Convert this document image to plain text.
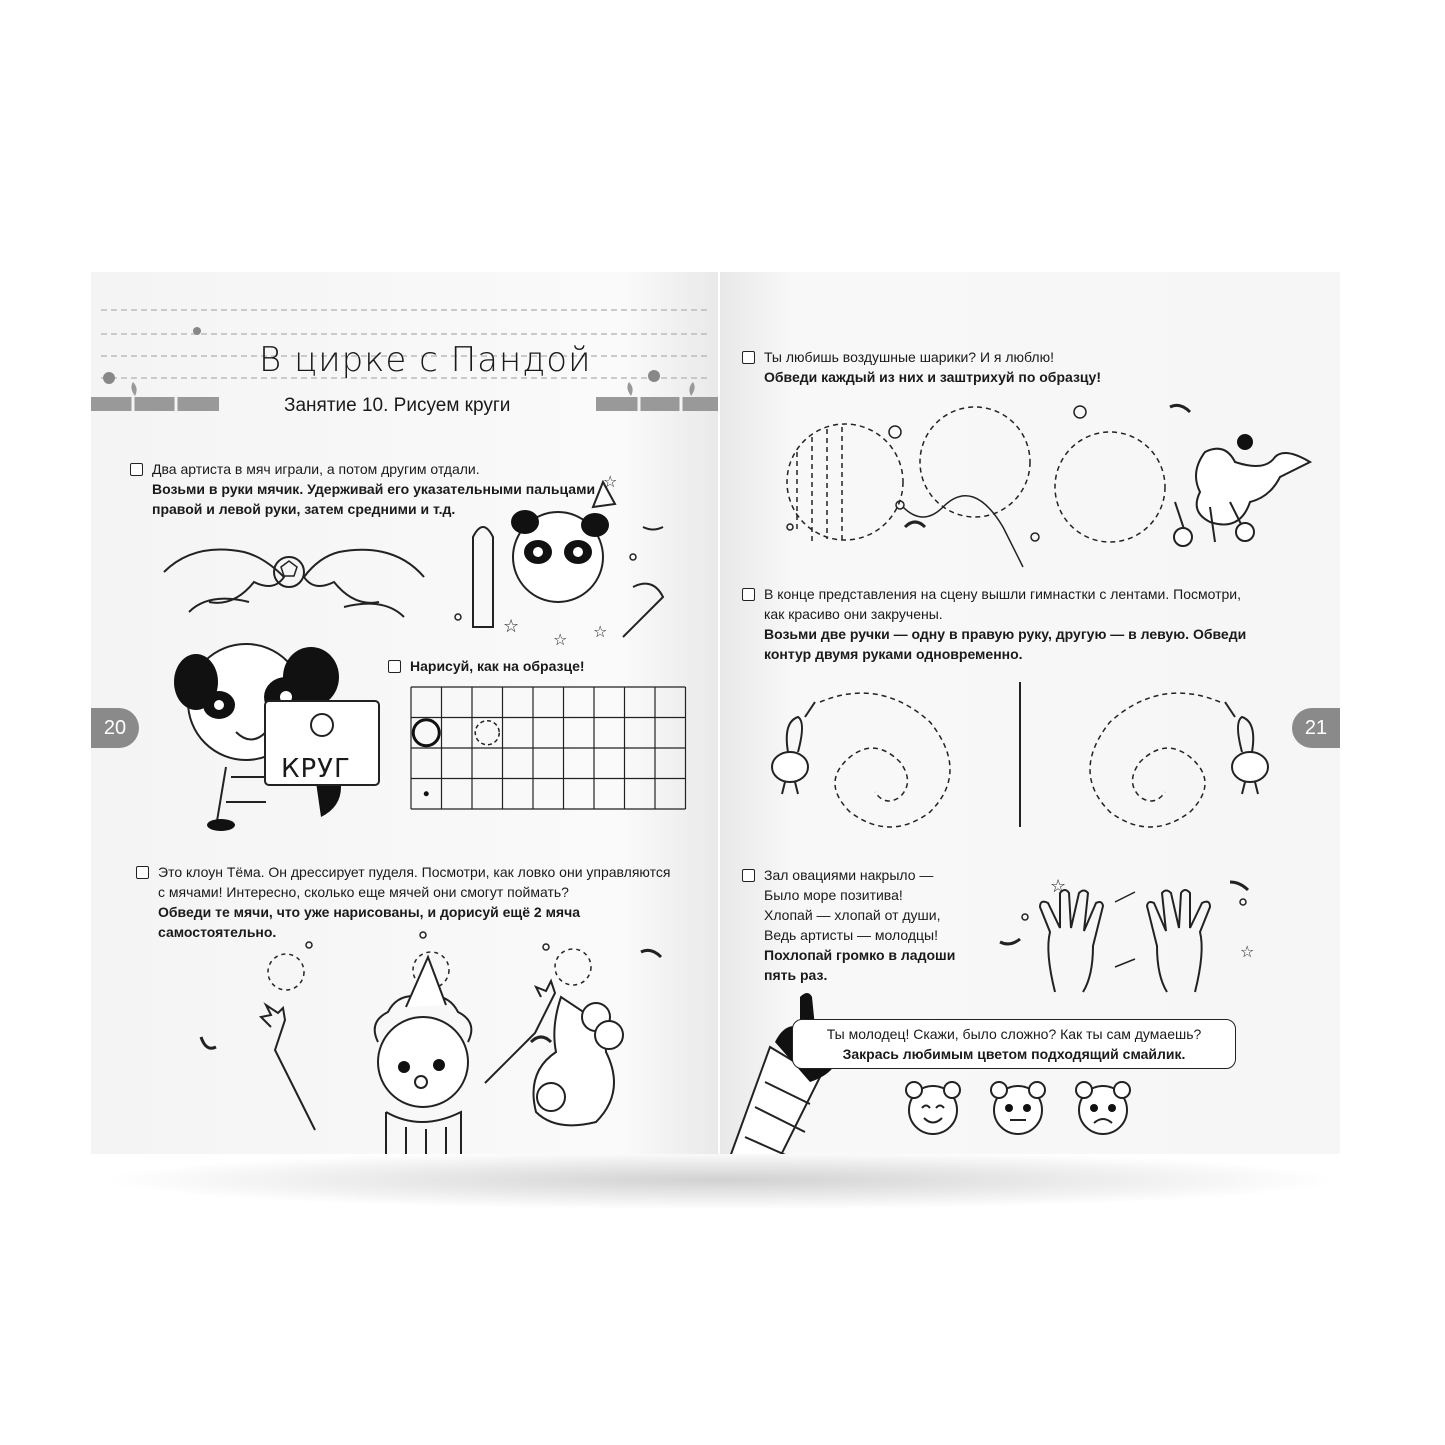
В цирке с Пандой
Занятие 10. Рисуем круги
Два артиста в мяч играли, а потом другим отдали.
Возьми в руки мячик. Удерживай его указательными пальцами правой и левой руки, затем средними и т.д.
☆
☆ ☆
☆
КРУГ
Нарисуй, как на образце!
Это клоун Тёма. Он дрессирует пуделя. Посмотри, как ловко они управляются с мячами! Интересно, сколько еще мячей они смогут поймать?
Обведи те мячи, что уже нарисованы, и дорисуй ещё 2 мяча самостоятельно.
20
Ты любишь воздушные шарики? И я люблю!
Обведи каждый из них и заштрихуй по образцу!
В конце представления на сцену вышли гимнастки с лентами. Посмотри, как красиво они закручены.
Возьми две ручки — одну в правую руку, другую — в левую. Обведи контур двумя руками одновременно.
Зал овациями накрыло —
Было море позитива!
Хлопай — хлопай от души,
Ведь артисты — молодцы!
Похлопай громко в ладоши пять раз.
☆
☆
Ты молодец! Скажи, было сложно? Как ты сам думаешь?
Закрась любимым цветом подходящий смайлик.
21
